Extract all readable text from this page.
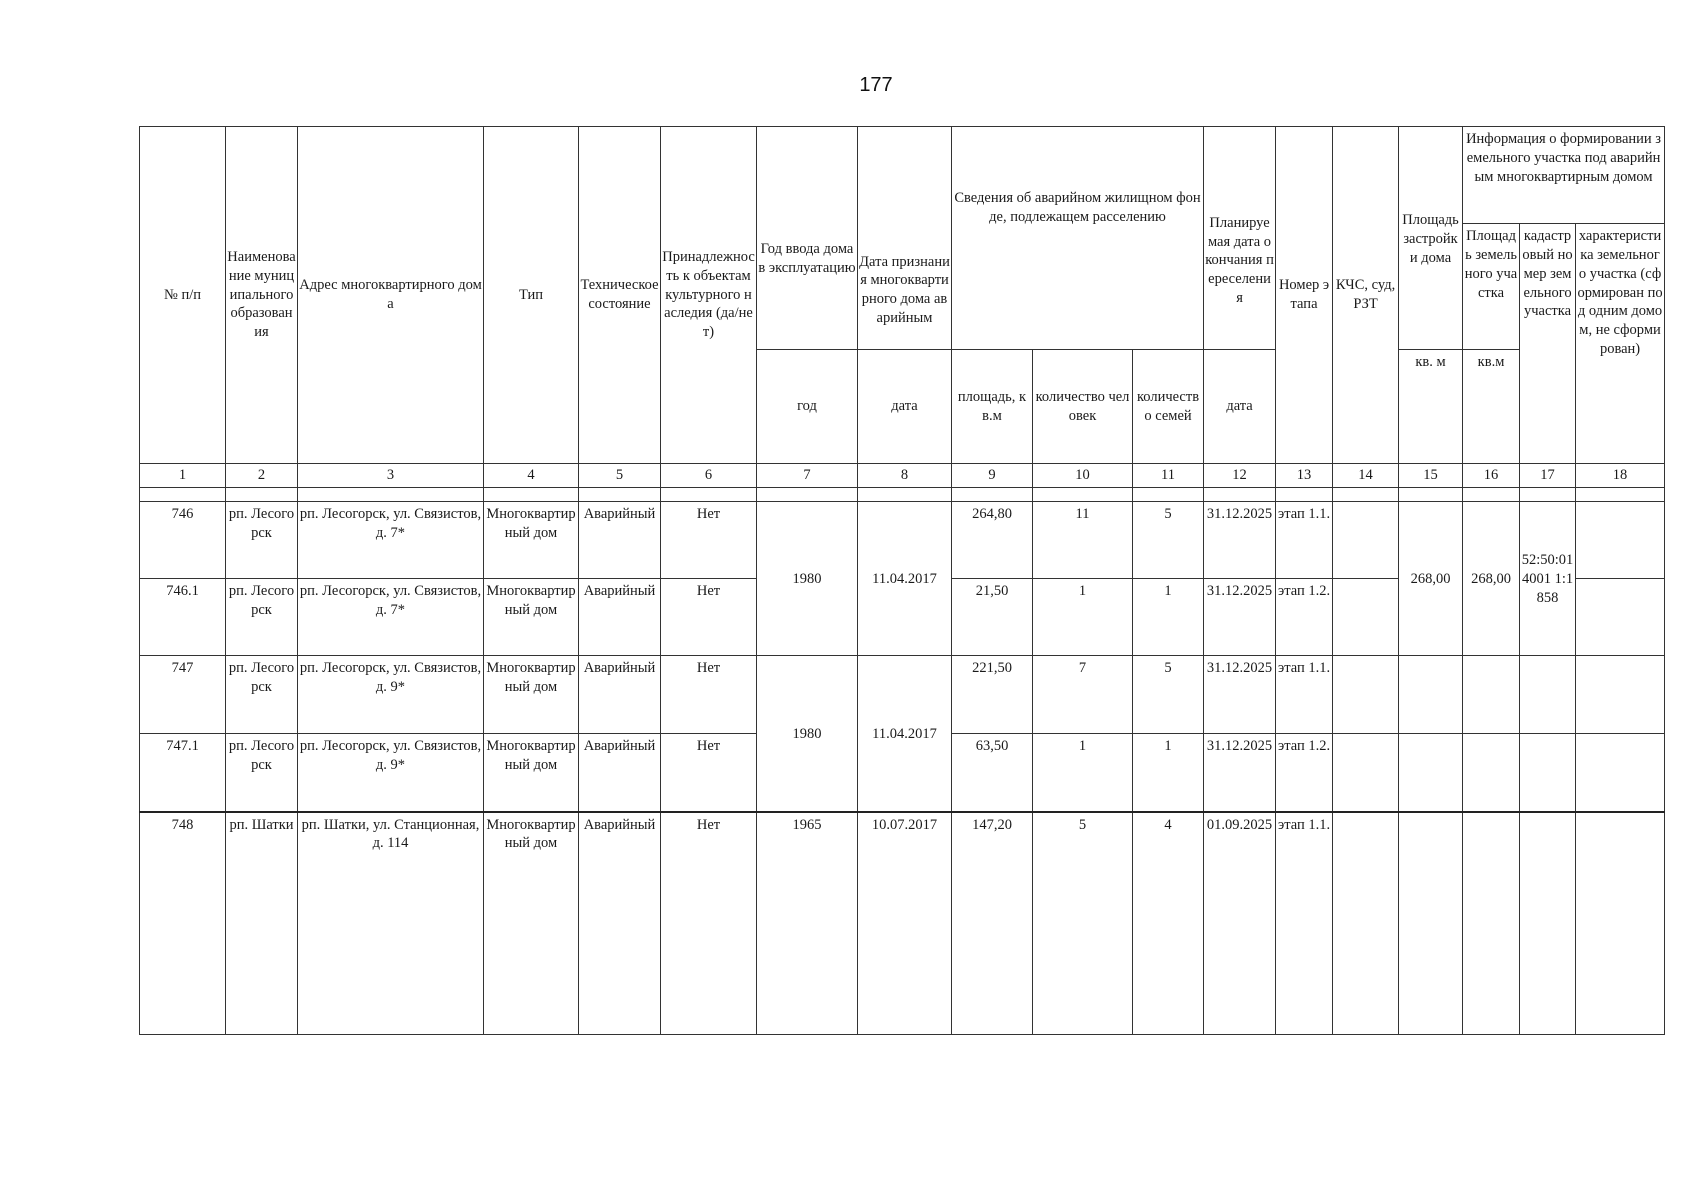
177
№ п/п	Наименование муниципального образования	Адрес многоквартирного дома	Тип	Техническое состояние	Принадлежность к объектам культурного наследия (да/нет)	Год ввода дома в эксплуатацию	Дата признания многоквартирного дома аварийным	Сведения об аварийном жилищном фонде, подлежащем расселению			Планируемая дата окончания переселения	Номер этапа	КЧС, суд, РЗТ	Площадь застройки дома	Информация о формировании земельного участка под аварийным многоквартирным домом		
															Площадь земельного участка	кадастровый номер земельного участка	характеристика земельного участка (сформирован под одним домом, не сформирован)
						год	дата	площадь, кв.м	количество человек	количество семей	дата			кв. м	кв.м		
1	2	3	4	5	6	7	8	9	10	11	12	13	14	15	16	17	18

746	рп. Лесогорск	рп. Лесогорск, ул. Связистов, д. 7*	Многоквартирный дом	Аварийный	Нет	1980	11.04.2017	264,80	11	5	31.12.2025	этап 1.1.		268,00	268,00	52:50:014001 1:1858	
746.1	рп. Лесогорск	рп. Лесогорск, ул. Связистов, д. 7*	Многоквартирный дом	Аварийный	Нет			21,50	1	1	31.12.2025	этап 1.2.					
747	рп. Лесогорск	рп. Лесогорск, ул. Связистов, д. 9*	Многоквартирный дом	Аварийный	Нет	1980	11.04.2017	221,50	7	5	31.12.2025	этап 1.1.					
747.1	рп. Лесогорск	рп. Лесогорск, ул. Связистов, д. 9*	Многоквартирный дом	Аварийный	Нет			63,50	1	1	31.12.2025	этап 1.2.					
748	рп. Шатки	рп. Шатки, ул. Станционная, д. 114	Многоквартирный дом	Аварийный	Нет	1965	10.07.2017	147,20	5	4	01.09.2025	этап 1.1.					
